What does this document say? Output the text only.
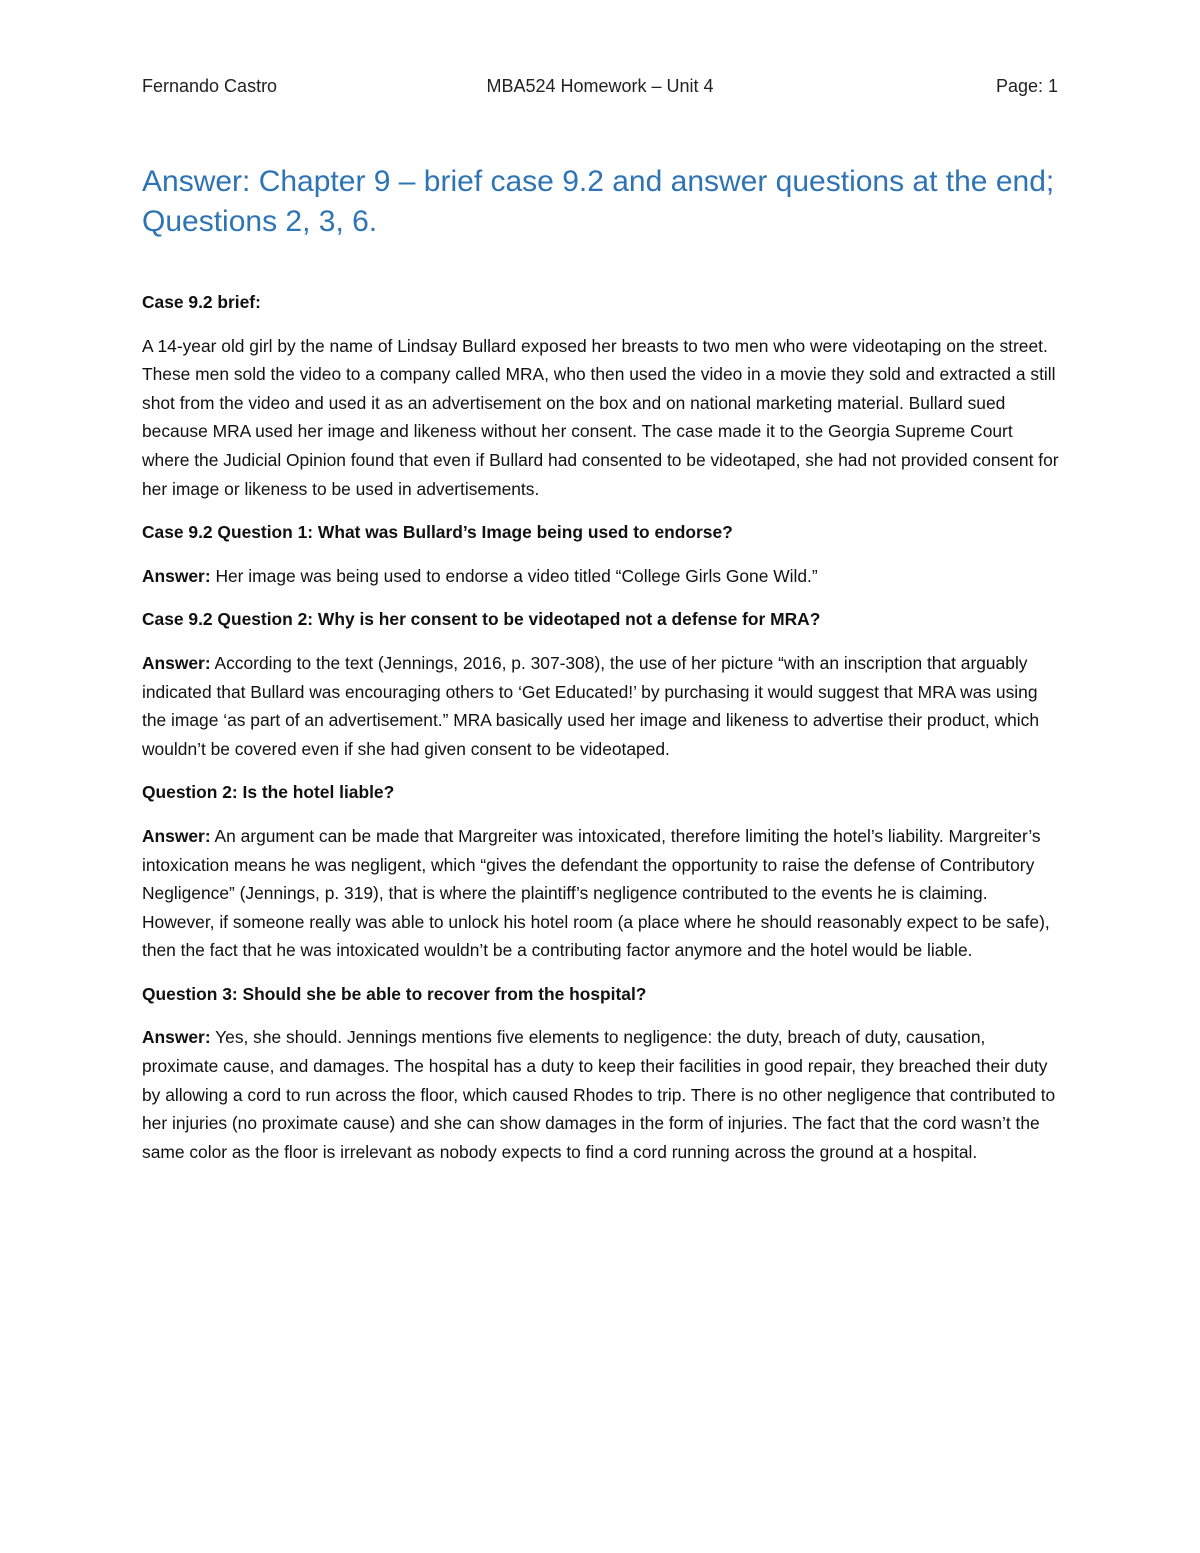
Fernando Castro	MBA524 Homework – Unit 4	Page: 1
Answer: Chapter 9 – brief case 9.2 and answer questions at the end; Questions 2, 3, 6.

Case 9.2 brief:

A 14-year old girl by the name of Lindsay Bullard exposed her breasts to two men who were videotaping on the street. These men sold the video to a company called MRA, who then used the video in a movie they sold and extracted a still shot from the video and used it as an advertisement on the box and on national marketing material. Bullard sued because MRA used her image and likeness without her consent. The case made it to the Georgia Supreme Court where the Judicial Opinion found that even if Bullard had consented to be videotaped, she had not provided consent for her image or likeness to be used in advertisements.

Case 9.2 Question 1: What was Bullard’s Image being used to endorse?

Answer: Her image was being used to endorse a video titled “College Girls Gone Wild.”

Case 9.2 Question 2: Why is her consent to be videotaped not a defense for MRA?

Answer: According to the text (Jennings, 2016, p. 307-308), the use of her picture “with an inscription that arguably indicated that Bullard was encouraging others to ‘Get Educated!’ by purchasing it would suggest that MRA was using the image ‘as part of an advertisement.” MRA basically used her image and likeness to advertise their product, which wouldn’t be covered even if she had given consent to be videotaped.

Question 2: Is the hotel liable?

Answer: An argument can be made that Margreiter was intoxicated, therefore limiting the hotel’s liability. Margreiter’s intoxication means he was negligent, which “gives the defendant the opportunity to raise the defense of Contributory Negligence” (Jennings, p. 319), that is where the plaintiff’s negligence contributed to the events he is claiming. However, if someone really was able to unlock his hotel room (a place where he should reasonably expect to be safe), then the fact that he was intoxicated wouldn’t be a contributing factor anymore and the hotel would be liable.

Question 3: Should she be able to recover from the hospital?

Answer: Yes, she should. Jennings mentions five elements to negligence: the duty, breach of duty, causation, proximate cause, and damages. The hospital has a duty to keep their facilities in good repair, they breached their duty by allowing a cord to run across the floor, which caused Rhodes to trip. There is no other negligence that contributed to her injuries (no proximate cause) and she can show damages in the form of injuries. The fact that the cord wasn’t the same color as the floor is irrelevant as nobody expects to find a cord running across the ground at a hospital.
